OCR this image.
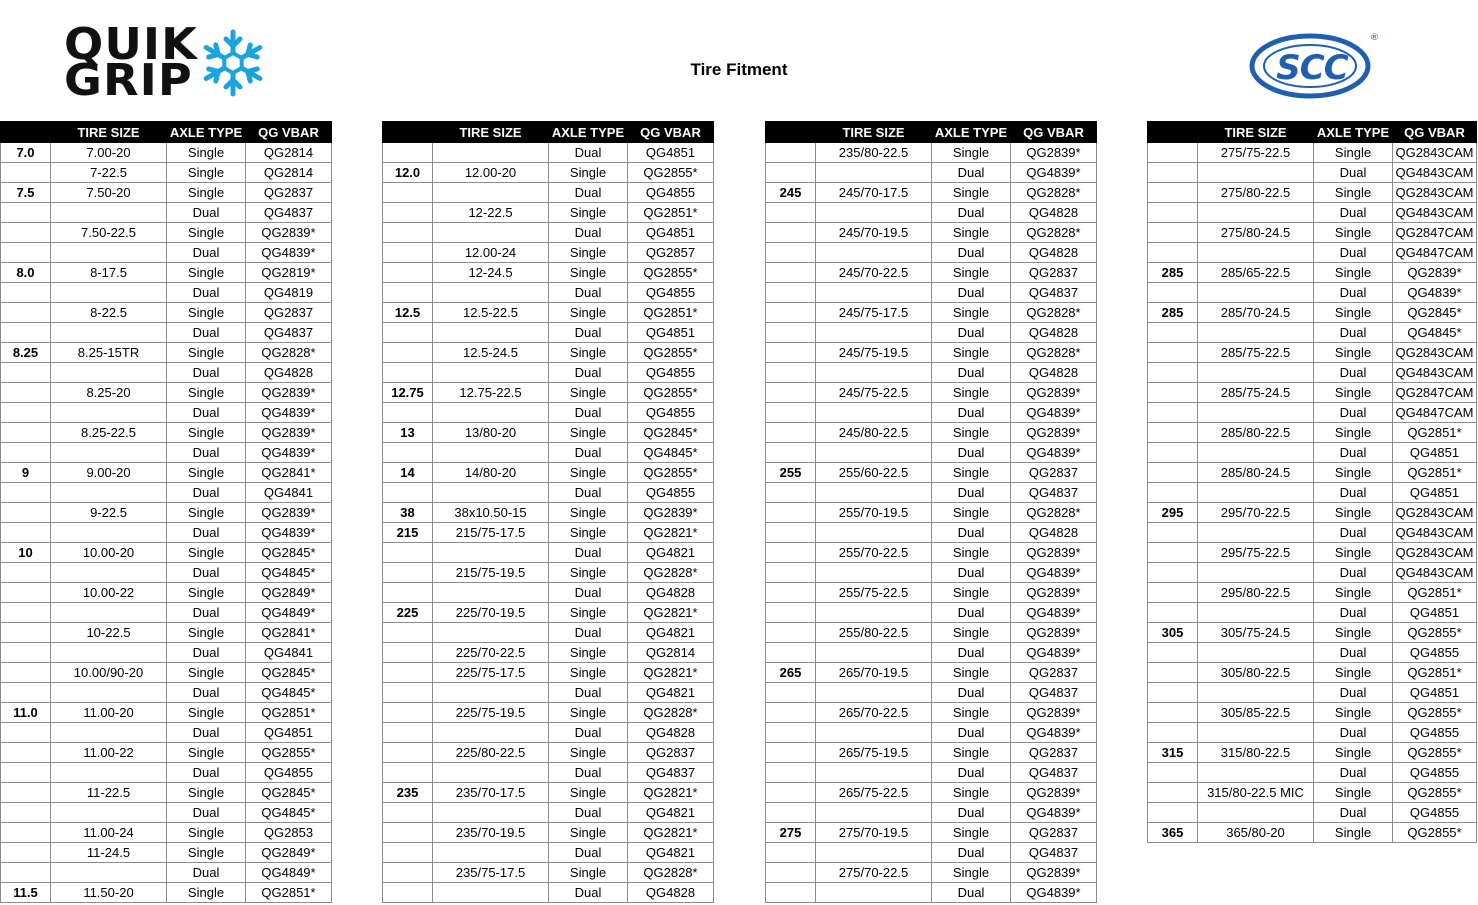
QUIK
GRIP	Tire Fitment
®
SCC
	TIRE SIZE	AXLE TYPE	QG VBAR
7.0	7.00-20	Single	QG2814
	7-22.5	Single	QG2814
7.5	7.50-20	Single	QG2837
		Dual	QG4837
	7.50-22.5	Single	QG2839*
		Dual	QG4839*
8.0	8-17.5	Single	QG2819*
		Dual	QG4819
	8-22.5	Single	QG2837
		Dual	QG4837
8.25	8.25-15TR	Single	QG2828*
		Dual	QG4828
	8.25-20	Single	QG2839*
		Dual	QG4839*
	8.25-22.5	Single	QG2839*
		Dual	QG4839*
9	9.00-20	Single	QG2841*
		Dual	QG4841
	9-22.5	Single	QG2839*
		Dual	QG4839*
10	10.00-20	Single	QG2845*
		Dual	QG4845*
	10.00-22	Single	QG2849*
		Dual	QG4849*
	10-22.5	Single	QG2841*
		Dual	QG4841
	10.00/90-20	Single	QG2845*
		Dual	QG4845*
11.0	11.00-20	Single	QG2851*
		Dual	QG4851
	11.00-22	Single	QG2855*
		Dual	QG4855
	11-22.5	Single	QG2845*
		Dual	QG4845*
	11.00-24	Single	QG2853
	11-24.5	Single	QG2849*
		Dual	QG4849*
11.5	11.50-20	Single	QG2851*
	TIRE SIZE	AXLE TYPE	QG VBAR
		Dual	QG4851
12.0	12.00-20	Single	QG2855*
		Dual	QG4855
	12-22.5	Single	QG2851*
		Dual	QG4851
	12.00-24	Single	QG2857
	12-24.5	Single	QG2855*
		Dual	QG4855
12.5	12.5-22.5	Single	QG2851*
		Dual	QG4851
	12.5-24.5	Single	QG2855*
		Dual	QG4855
12.75	12.75-22.5	Single	QG2855*
		Dual	QG4855
13	13/80-20	Single	QG2845*
		Dual	QG4845*
14	14/80-20	Single	QG2855*
		Dual	QG4855
38	38x10.50-15	Single	QG2839*
215	215/75-17.5	Single	QG2821*
		Dual	QG4821
	215/75-19.5	Single	QG2828*
		Dual	QG4828
225	225/70-19.5	Single	QG2821*
		Dual	QG4821
	225/70-22.5	Single	QG2814
	225/75-17.5	Single	QG2821*
		Dual	QG4821
	225/75-19.5	Single	QG2828*
		Dual	QG4828
	225/80-22.5	Single	QG2837
		Dual	QG4837
235	235/70-17.5	Single	QG2821*
		Dual	QG4821
	235/70-19.5	Single	QG2821*
		Dual	QG4821
	235/75-17.5	Single	QG2828*
		Dual	QG4828
	TIRE SIZE	AXLE TYPE	QG VBAR
	235/80-22.5	Single	QG2839*
		Dual	QG4839*
245	245/70-17.5	Single	QG2828*
		Dual	QG4828
	245/70-19.5	Single	QG2828*
		Dual	QG4828
	245/70-22.5	Single	QG2837
		Dual	QG4837
	245/75-17.5	Single	QG2828*
		Dual	QG4828
	245/75-19.5	Single	QG2828*
		Dual	QG4828
	245/75-22.5	Single	QG2839*
		Dual	QG4839*
	245/80-22.5	Single	QG2839*
		Dual	QG4839*
255	255/60-22.5	Single	QG2837
		Dual	QG4837
	255/70-19.5	Single	QG2828*
		Dual	QG4828
	255/70-22.5	Single	QG2839*
		Dual	QG4839*
	255/75-22.5	Single	QG2839*
		Dual	QG4839*
	255/80-22.5	Single	QG2839*
		Dual	QG4839*
265	265/70-19.5	Single	QG2837
		Dual	QG4837
	265/70-22.5	Single	QG2839*
		Dual	QG4839*
	265/75-19.5	Single	QG2837
		Dual	QG4837
	265/75-22.5	Single	QG2839*
		Dual	QG4839*
275	275/70-19.5	Single	QG2837
		Dual	QG4837
	275/70-22.5	Single	QG2839*
		Dual	QG4839*
	TIRE SIZE	AXLE TYPE	QG VBAR
	275/75-22.5	Single	QG2843CAM
		Dual	QG4843CAM
	275/80-22.5	Single	QG2843CAM
		Dual	QG4843CAM
	275/80-24.5	Single	QG2847CAM
		Dual	QG4847CAM
285	285/65-22.5	Single	QG2839*
		Dual	QG4839*
285	285/70-24.5	Single	QG2845*
		Dual	QG4845*
	285/75-22.5	Single	QG2843CAM
		Dual	QG4843CAM
	285/75-24.5	Single	QG2847CAM
		Dual	QG4847CAM
	285/80-22.5	Single	QG2851*
		Dual	QG4851
	285/80-24.5	Single	QG2851*
		Dual	QG4851
295	295/70-22.5	Single	QG2843CAM
		Dual	QG4843CAM
	295/75-22.5	Single	QG2843CAM
		Dual	QG4843CAM
	295/80-22.5	Single	QG2851*
		Dual	QG4851
305	305/75-24.5	Single	QG2855*
		Dual	QG4855
	305/80-22.5	Single	QG2851*
		Dual	QG4851
	305/85-22.5	Single	QG2855*
		Dual	QG4855
315	315/80-22.5	Single	QG2855*
		Dual	QG4855
	315/80-22.5 MIC	Single	QG2855*
		Dual	QG4855
365	365/80-20	Single	QG2855*
